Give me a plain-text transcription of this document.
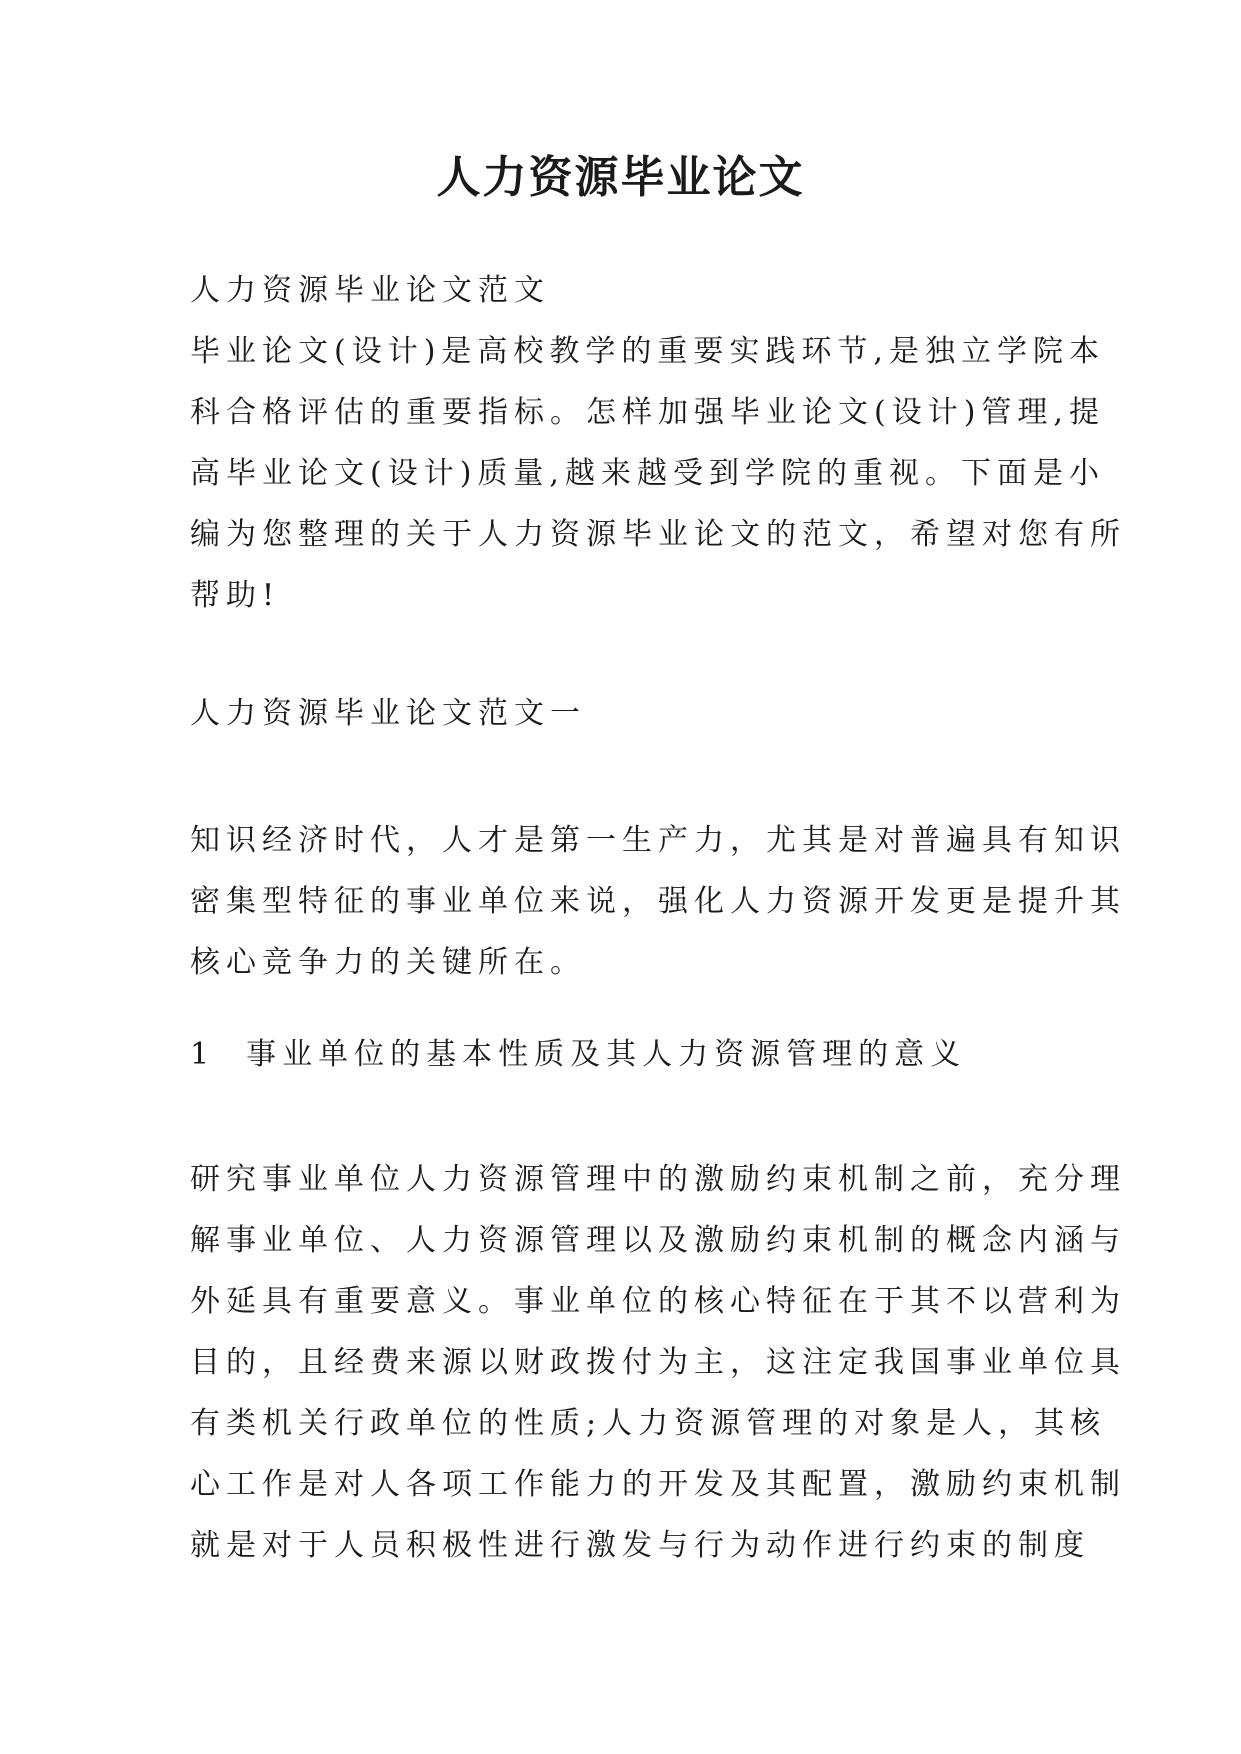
人力资源毕业论文
人力资源毕业论文范文
毕业论文(设计)是高校教学的重要实践环节,是独立学院本
科合格评估的重要指标。怎样加强毕业论文(设计)管理,提
高毕业论文(设计)质量,越来越受到学院的重视。下面是小
编为您整理的关于人力资源毕业论文的范文，希望对您有所
帮助!
人力资源毕业论文范文一
知识经济时代，人才是第一生产力，尤其是对普遍具有知识
密集型特征的事业单位来说，强化人力资源开发更是提升其
核心竞争力的关键所在。
1  事业单位的基本性质及其人力资源管理的意义
研究事业单位人力资源管理中的激励约束机制之前，充分理
解事业单位、人力资源管理以及激励约束机制的概念内涵与
外延具有重要意义。事业单位的核心特征在于其不以营利为
目的，且经费来源以财政拨付为主，这注定我国事业单位具
有类机关行政单位的性质;人力资源管理的对象是人，其核
心工作是对人各项工作能力的开发及其配置，激励约束机制
就是对于人员积极性进行激发与行为动作进行约束的制度
